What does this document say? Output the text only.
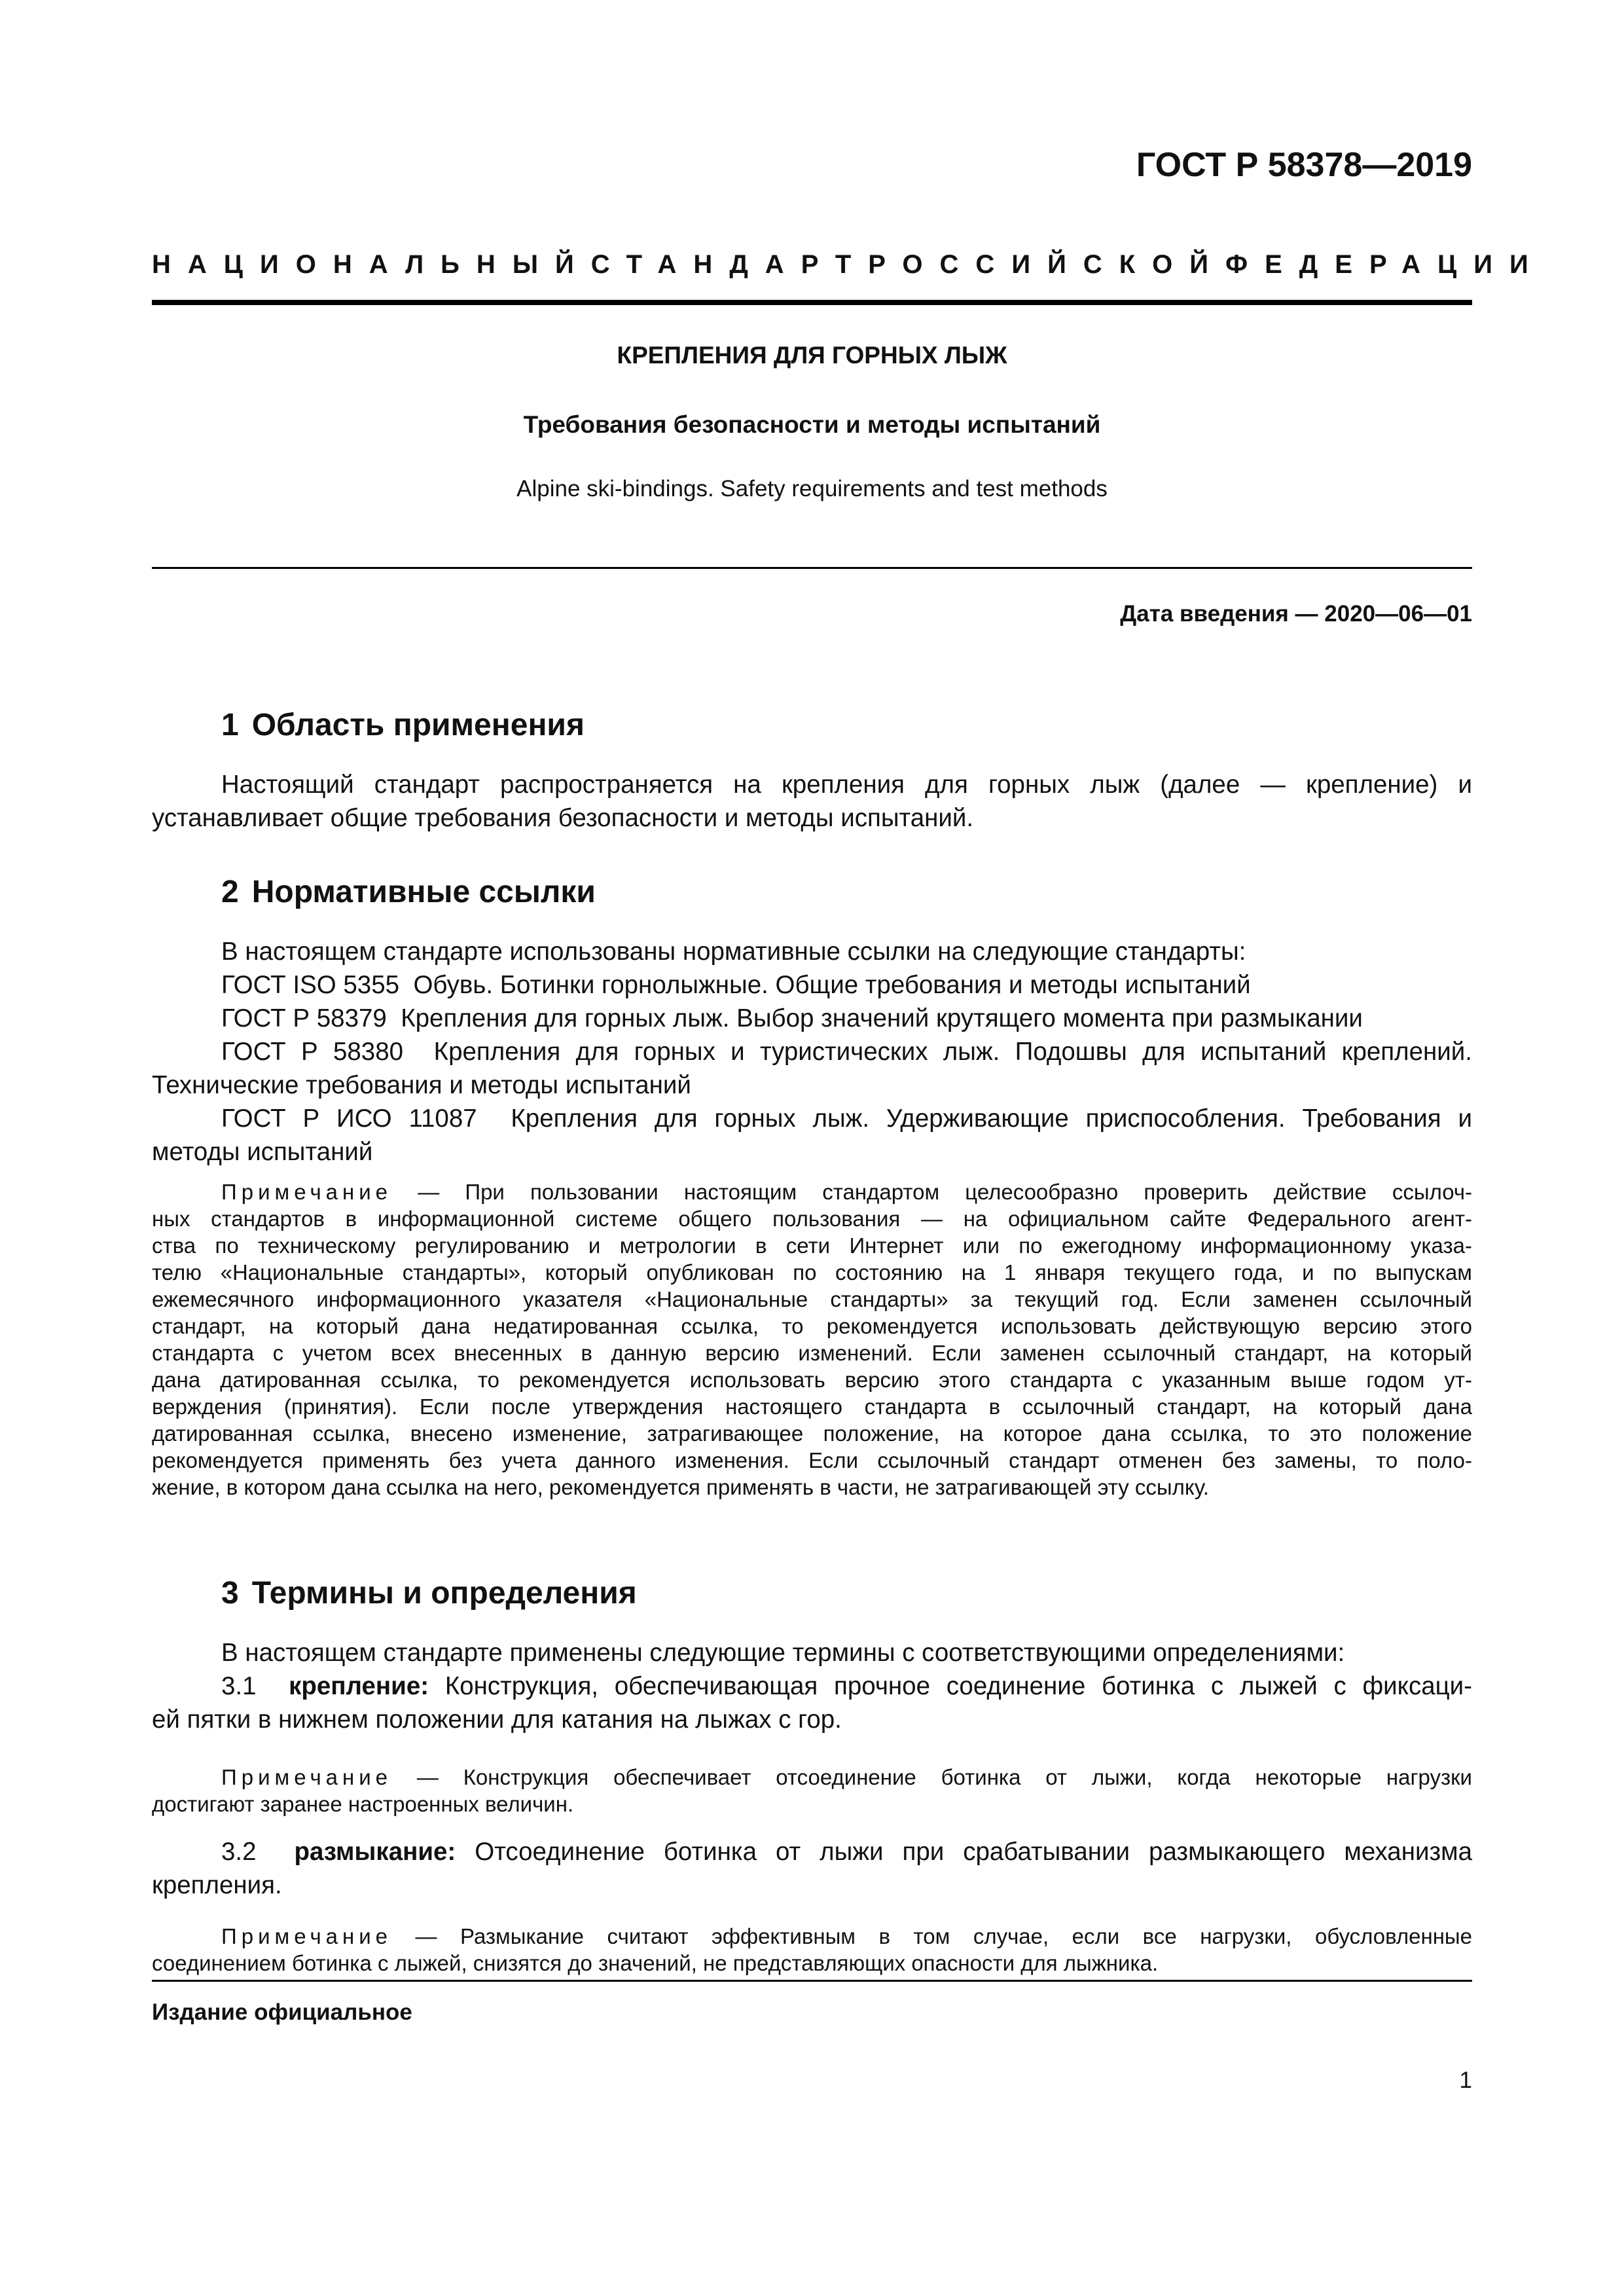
ГОСТ Р 58378—2019
НАЦИОНАЛЬНЫЙ СТАНДАРТ РОССИЙСКОЙ ФЕДЕРАЦИИ
КРЕПЛЕНИЯ ДЛЯ ГОРНЫХ ЛЫЖ
Требования безопасности и методы испытаний
Alpine ski-bindings. Safety requirements and test methods
Дата введения — 2020—06—01
1 Область применения
Настоящий стандарт распространяется на крепления для горных лыж (далее — крепление) и
устанавливает общие требования безопасности и методы испытаний.
2 Нормативные ссылки
В настоящем стандарте использованы нормативные ссылки на следующие стандарты:
ГОСТ ISO 5355 Обувь. Ботинки горнолыжные. Общие требования и методы испытаний
ГОСТ Р 58379 Крепления для горных лыж. Выбор значений крутящего момента при размыкании
ГОСТ Р 58380 Крепления для горных и туристических лыж. Подошвы для испытаний креплений.
Технические требования и методы испытаний
ГОСТ Р ИСО 11087 Крепления для горных лыж. Удерживающие приспособления. Требования и
методы испытаний
Примечание — При пользовании настоящим стандартом целесообразно проверить действие ссылоч-
ных стандартов в информационной системе общего пользования — на официальном сайте Федерального агент-
ства по техническому регулированию и метрологии в сети Интернет или по ежегодному информационному указа-
телю «Национальные стандарты», который опубликован по состоянию на 1 января текущего года, и по выпускам
ежемесячного информационного указателя «Национальные стандарты» за текущий год. Если заменен ссылочный
стандарт, на который дана недатированная ссылка, то рекомендуется использовать действующую версию этого
стандарта с учетом всех внесенных в данную версию изменений. Если заменен ссылочный стандарт, на который
дана датированная ссылка, то рекомендуется использовать версию этого стандарта с указанным выше годом ут-
верждения (принятия). Если после утверждения настоящего стандарта в ссылочный стандарт, на который дана
датированная ссылка, внесено изменение, затрагивающее положение, на которое дана ссылка, то это положение
рекомендуется применять без учета данного изменения. Если ссылочный стандарт отменен без замены, то поло-
жение, в котором дана ссылка на него, рекомендуется применять в части, не затрагивающей эту ссылку.
3 Термины и определения
В настоящем стандарте применены следующие термины с соответствующими определениями:
3.1 крепление: Конструкция, обеспечивающая прочное соединение ботинка с лыжей с фиксаци-
ей пятки в нижнем положении для катания на лыжах с гор.
Примечание — Конструкция обеспечивает отсоединение ботинка от лыжи, когда некоторые нагрузки
достигают заранее настроенных величин.
3.2 размыкание: Отсоединение ботинка от лыжи при срабатывании размыкающего механизма
крепления.
Примечание — Размыкание считают эффективным в том случае, если все нагрузки, обусловленные
соединением ботинка с лыжей, снизятся до значений, не представляющих опасности для лыжника.
Издание официальное
1
